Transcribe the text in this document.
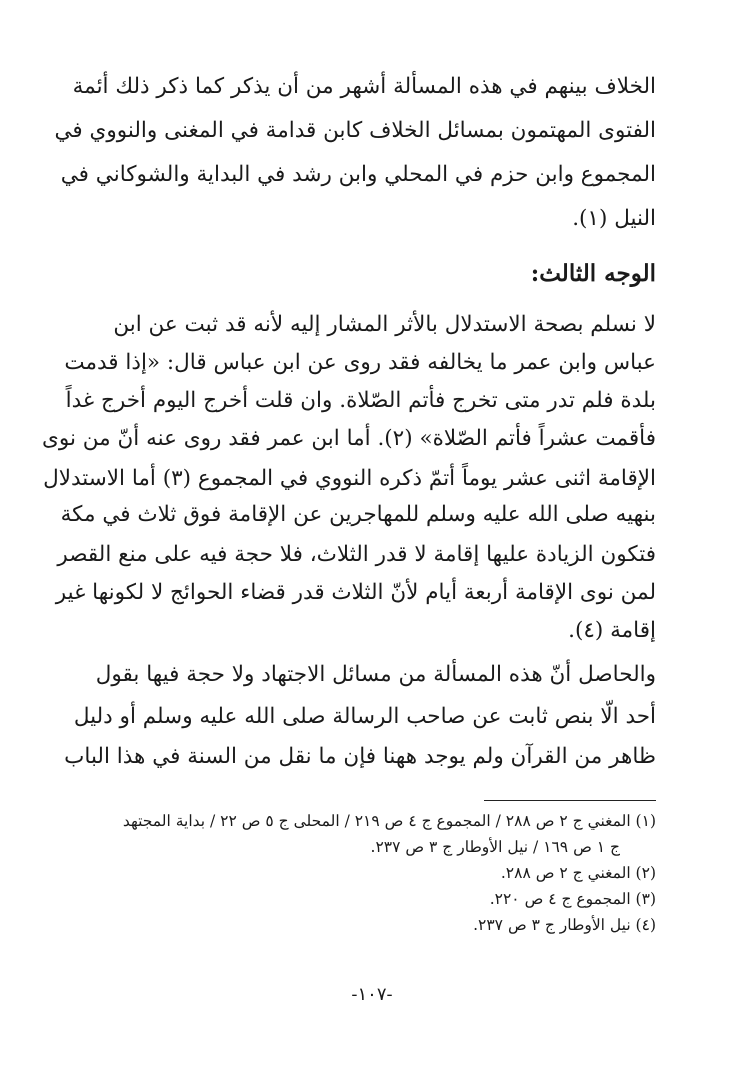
الخلاف بينهم في هذه المسألة أشهر من أن يذكر كما ذكر ذلك أئمة
الفتوى المهتمون بمسائل الخلاف كابن قدامة في المغنى والنووي في
المجموع وابن حزم في المحلي وابن رشد في البداية والشوكاني في
النيل (١).
الوجه الثالث:
لا نسلم بصحة الاستدلال بالأثر المشار إليه لأنه قد ثبت عن ابن
عباس وابن عمر ما يخالفه فقد روى عن ابن عباس قال: «إذا قدمت
بلدة فلم تدر متى تخرج فأتم الصّلاة. وان قلت أخرج اليوم أخرج غداً
فأقمت عشراً فأتم الصّلاة» (٢). أما ابن عمر فقد روى عنه أنّ من نوى
الإقامة اثنى عشر يوماً أتمّ ذكره النووي في المجموع (٣) أما الاستدلال
بنهيه صلى الله عليه وسلم للمهاجرين عن الإقامة فوق ثلاث في مكة
فتكون الزيادة عليها إقامة لا قدر الثلاث، فلا حجة فيه على منع القصر
لمن نوى الإقامة أربعة أيام لأنّ الثلاث قدر قضاء الحوائج لا لكونها غير
إقامة (٤).
والحاصل أنّ هذه المسألة من مسائل الاجتهاد ولا حجة فيها بقول
أحد الّا بنص ثابت عن صاحب الرسالة صلى الله عليه وسلم أو دليل
ظاهر من القرآن ولم يوجد ههنا فإن ما نقل من السنة في هذا الباب
(١) المغني ج ٢ ص ٢٨٨ / المجموع ج ٤ ص ٢١٩ / المحلى ج ٥ ص ٢٢ / بداية المجتهد
ج ١ ص ١٦٩ / نيل الأوطار ج ٣ ص ٢٣٧.
(٢) المغني ج ٢ ص ٢٨٨.
(٣) المجموع ج ٤ ص ٢٢٠.
(٤) نيل الأوطار ج ٣ ص ٢٣٧.
-١٠٧-
